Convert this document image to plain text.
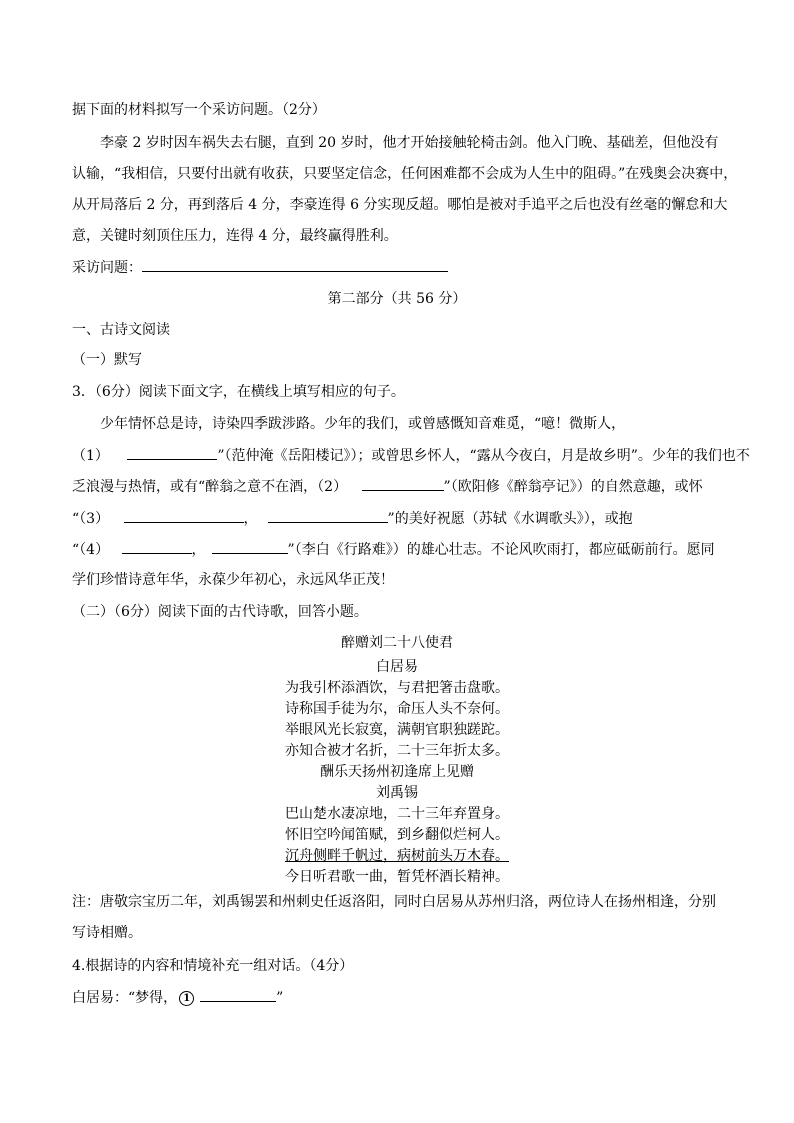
据下面的材料拟写一个采访问题。（2分）
李豪 2 岁时因车祸失去右腿，直到 20 岁时，他才开始接触轮椅击剑。他入门晚、基础差，但他没有
认输，“我相信，只要付出就有收获，只要坚定信念，任何困难都不会成为人生中的阻碍。”在残奥会决赛中，
从开局落后 2 分，再到落后 4 分，李豪连得 6 分实现反超。哪怕是被对手追平之后也没有丝毫的懈怠和大
意，关键时刻顶住压力，连得 4 分，最终赢得胜利。
采访问题：
第二部分（共 56 分）
一、古诗文阅读
（一）默写
3．（6分）阅读下面文字，在横线上填写相应的句子。
少年情怀总是诗，诗染四季跋涉路。少年的我们，或曾感慨知音难觅，“噫！微斯人，
（1）	”（范仲淹《岳阳楼记》）；或曾思乡怀人，“露从今夜白，月是故乡明”。少年的我们也不
乏浪漫与热情，或有“醉翁之意不在酒，（2）	”（欧阳修《醉翁亭记》）的自然意趣，或怀
“（3）	，	”的美好祝愿（苏轼《水调歌头》），或抱
“（4）	，	”（李白《行路难》）的雄心壮志。不论风吹雨打，都应砥砺前行。愿同
学们珍惜诗意年华，永葆少年初心，永远风华正茂！
（二）（6分）阅读下面的古代诗歌，回答小题。
醉赠刘二十八使君
白居易
为我引杯添酒饮，与君把箸击盘歌。
诗称国手徒为尔，命压人头不奈何。
举眼风光长寂寞，满朝官职独蹉跎。
亦知合被才名折，二十三年折太多。
酬乐天扬州初逢席上见赠
刘禹锡
巴山楚水凄凉地，二十三年弃置身。
怀旧空吟闻笛赋，到乡翻似烂柯人。
沉舟侧畔千帆过，病树前头万木春。
今日听君歌一曲，暂凭杯酒长精神。
注：唐敬宗宝历二年，刘禹锡罢和州刺史任返洛阳，同时白居易从苏州归洛，两位诗人在扬州相逢，分别
写诗相赠。
4.根据诗的内容和情境补充一组对话。（4分）
白居易：“梦得， 1	”
